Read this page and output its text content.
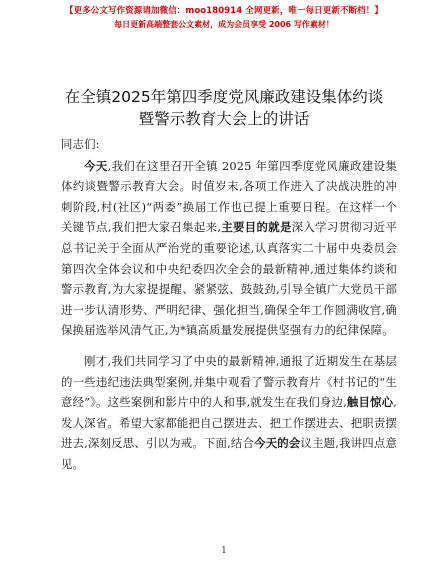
【更多公文写作资源请加微信：moo180914 全网更新，唯一每日更新不断档！】
每日更新高端整套公文素材，成为会员享受 2006 写作素材！
在全镇2025年第四季度党风廉政建设集体约谈
暨警示教育大会上的讲话

同志们:

今天,我们在这里召开全镇 2025 年第四季度党风廉政建设集体约谈暨警示教育大会。时值岁末,各项工作进入了决战决胜的冲刺阶段,村(社区)“两委”换届工作也已提上重要日程。在这样一个关键节点,我们把大家召集起来,主要目的就是深入学习贯彻习近平总书记关于全面从严治党的重要论述,认真落实二十届中央委员会第四次全体会议和中央纪委四次全会的最新精神,通过集体约谈和警示教育,为大家提提醒、紧紧弦、鼓鼓劲,引导全镇广大党员干部进一步认清形势、严明纪律、强化担当,确保全年工作圆满收官,确保换届选举风清气正,为*镇高质量发展提供坚强有力的纪律保障。

刚才,我们共同学习了中央的最新精神,通报了近期发生在基层的一些违纪违法典型案例,并集中观看了警示教育片《村书记的“生意经”》。这些案例和影片中的人和事,就发生在我们身边,触目惊心,发人深省。希望大家都能把自己摆进去、把工作摆进去、把职责摆进去,深刻反思、引以为戒。下面,结合今天的会议主题,我讲四点意见。

1
